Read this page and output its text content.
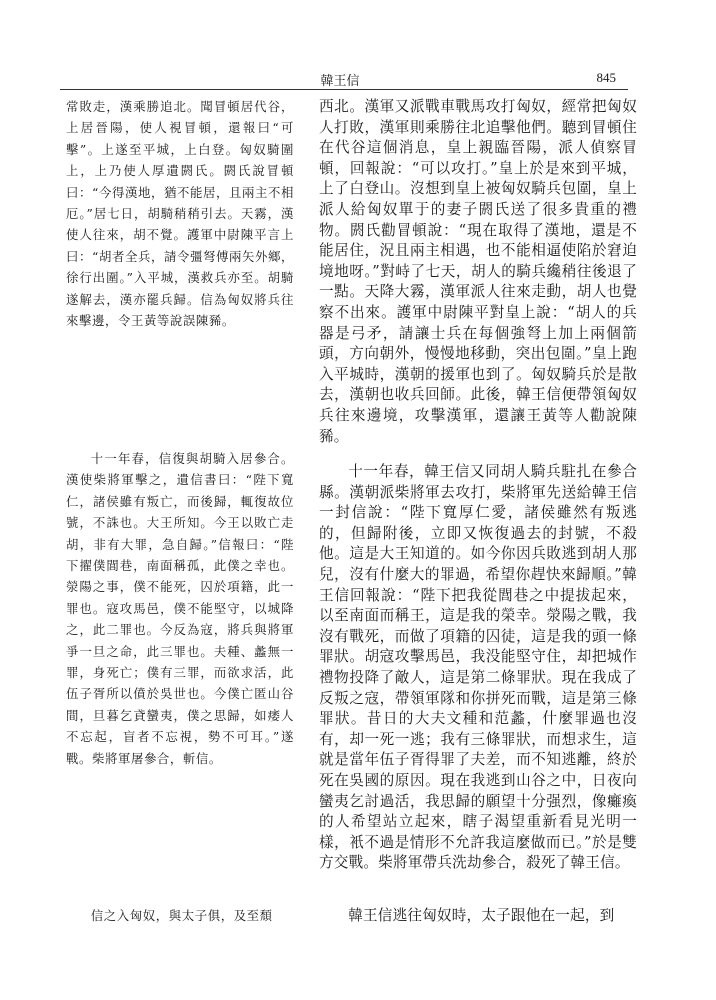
韓王信	845

常敗走，漢乘勝追北。聞冒頓居代谷，上居晉陽，使人視冒頓，還報曰“可擊”。上遂至平城，上白登。匈奴騎圍上，上乃使人厚遺閼氏。閼氏說冒頓曰：“今得漢地，猶不能居，且兩主不相厄。”居七日，胡騎稍稍引去。天霧，漢使人往來，胡不覺。護軍中尉陳平言上曰：“胡者全兵，請令彊弩傅兩矢外鄉，徐行出圍。”入平城，漢救兵亦至。胡騎遂解去，漢亦罷兵歸。信為匈奴將兵往來擊邊，令王黃等說誤陳豨。

十一年春，信復與胡騎入居參合。漢使柴將軍擊之，遺信書曰：“陛下寬仁，諸侯雖有叛亡，而後歸，輒復故位號，不誅也。大王所知。今王以敗亡走胡，非有大罪，急自歸。”信報曰：“陛下擢僕閭巷，南面稱孤，此僕之幸也。滎陽之事，僕不能死，囚於項籍，此一罪也。寇攻馬邑，僕不能堅守，以城降之，此二罪也。今反為寇，將兵與將軍爭一旦之命，此三罪也。夫種、蠡無一罪，身死亡；僕有三罪，而欲求活，此伍子胥所以僨於吳世也。今僕亡匿山谷間，旦暮乞貣蠻夷，僕之思歸，如痿人不忘起，盲者不忘視，勢不可耳。”遂戰。柴將軍屠參合，斬信。

信之入匈奴，與太子俱，及至頹

西北。漢軍又派戰車戰馬攻打匈奴，經常把匈奴人打敗，漢軍則乘勝往北追擊他們。聽到冒頓住在代谷這個消息，皇上親臨晉陽，派人偵察冒頓，回報說：“可以攻打。”皇上於是來到平城，上了白登山。沒想到皇上被匈奴騎兵包圍，皇上派人給匈奴單于的妻子閼氏送了很多貴重的禮物。閼氏勸冒頓說：“現在取得了漢地，還是不能居住，況且兩主相遇，也不能相逼使陷於窘迫境地呀。”對峙了七天，胡人的騎兵纔稍往後退了一點。天降大霧，漢軍派人往來走動，胡人也覺察不出來。護軍中尉陳平對皇上說：“胡人的兵器是弓矛，請讓士兵在每個強弩上加上兩個箭頭，方向朝外，慢慢地移動，突出包圍。”皇上跑入平城時，漢朝的援軍也到了。匈奴騎兵於是散去，漢朝也收兵回師。此後，韓王信便帶領匈奴兵往來邊境，攻擊漢軍，還讓王黃等人勸說陳豨。

十一年春，韓王信又同胡人騎兵駐扎在參合縣。漢朝派柴將軍去攻打，柴將軍先送給韓王信一封信說：“陛下寬厚仁愛，諸侯雖然有叛逃的，但歸附後，立即又恢復過去的封號，不殺他。這是大王知道的。如今你因兵敗逃到胡人那兒，沒有什麼大的罪過，希望你趕快來歸順。”韓王信回報說：“陛下把我從閭巷之中提拔起來，以至南面而稱王，這是我的榮幸。滎陽之戰，我沒有戰死，而做了項籍的囚徒，這是我的頭一條罪狀。胡寇攻擊馬邑，我没能堅守住，却把城作禮物投降了敵人，這是第二條罪狀。現在我成了反叛之寇，帶領軍隊和你拼死而戰，這是第三條罪狀。昔日的大夫文種和范蠡，什麼罪過也沒有，却一死一逃；我有三條罪狀，而想求生，這就是當年伍子胥得罪了夫差，而不知逃離，終於死在吳國的原因。現在我逃到山谷之中，日夜向蠻夷乞討過活，我思歸的願望十分强烈，像癱瘓的人希望站立起來，瞎子渴望重新看見光明一樣，衹不過是情形不允許我這麼做而已。”於是雙方交戰。柴將軍帶兵洗劫參合，殺死了韓王信。

韓王信逃往匈奴時，太子跟他在一起，到
